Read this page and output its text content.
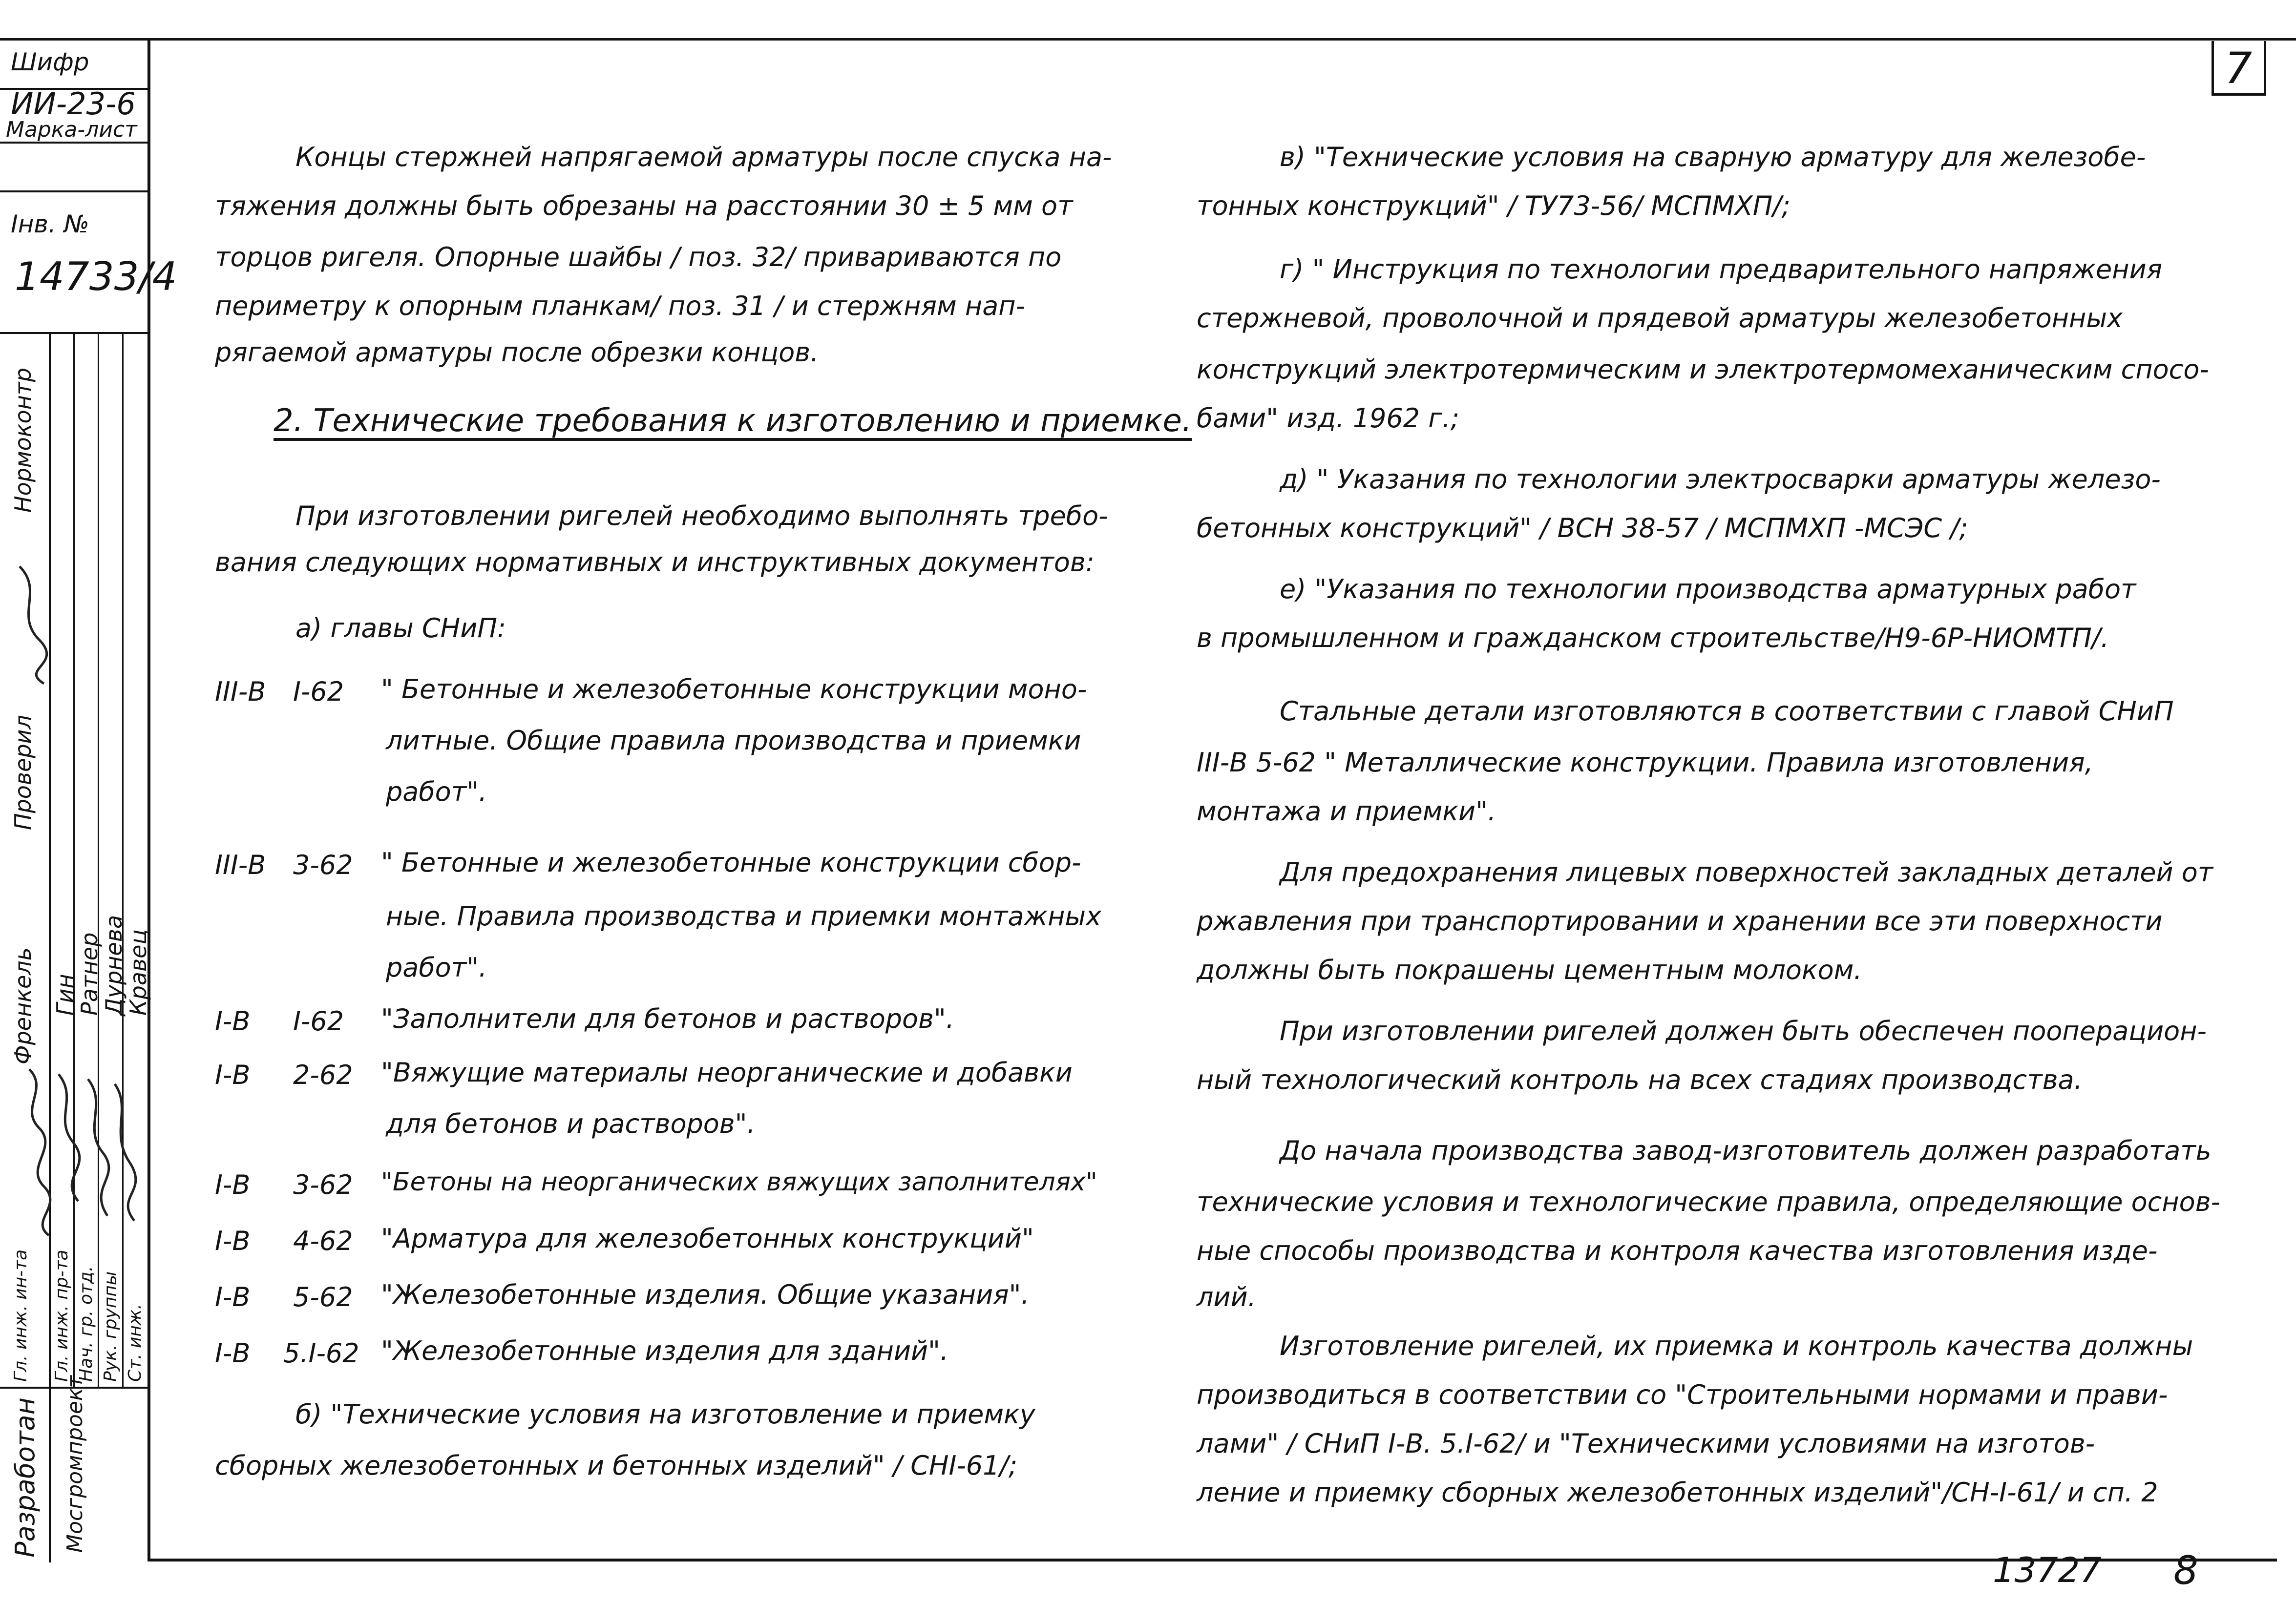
7
Шифр
ИИ-23-6
Марка-лист
Інв. №
14733/4
Нормоконтр
Проверил
Разработан Мосгромпроект
Гл. инж. ин-та
Френкель
Гл. инж. пр-та
Гин
Нач. гр. отд.
Ратнер
Рук. группы
Дурнева
Ст. инж.
Кравец
Концы стержней напрягаемой арматуры после спуска на-
тяжения должны быть обрезаны на расстоянии 30 ± 5 мм от
торцов ригеля. Опорные шайбы / поз. 32/ привариваются по
периметру к опорным планкам/ поз. 31 / и стержням нап-
рягаемой арматуры после обрезки концов.
2. Технические требования к изготовлению и приемке.
При изготовлении ригелей необходимо выполнять требо-
вания следующих нормативных и инструктивных документов:
а) главы СНиП:
III-В I-62 " Бетонные и железобетонные конструкции моно-
литные. Общие правила производства и приемки
работ".
III-В 3-62 " Бетонные и железобетонные конструкции сбор-
ные. Правила производства и приемки монтажных
работ".
I-В I-62 "Заполнители для бетонов и растворов".
I-В 2-62 "Вяжущие материалы неорганические и добавки
для бетонов и растворов".
I-В 3-62 "Бетоны на неорганических вяжущих заполнителях"
I-В 4-62 "Арматура для железобетонных конструкций"
I-В 5-62 "Железобетонные изделия. Общие указания".
I-В 5.I-62 "Железобетонные изделия для зданий".
б) "Технические условия на изготовление и приемку
сборных железобетонных и бетонных изделий" / СНI-61/;
в) "Технические условия на сварную арматуру для железобе-
тонных конструкций" / ТУ73-56/ МСПМХП/;
г) " Инструкция по технологии предварительного напряжения
стержневой, проволочной и прядевой арматуры железобетонных
конструкций электротермическим и электротермомеханическим спосо-
бами" изд. 1962 г.;
д) " Указания по технологии электросварки арматуры железо-
бетонных конструкций" / ВСН 38-57 / МСПМХП -МСЭС /;
е) "Указания по технологии производства арматурных работ
в промышленном и гражданском строительстве/Н9-6Р-НИОМТП/.
Стальные детали изготовляются в соответствии с главой СНиП
III-В 5-62 " Металлические конструкции. Правила изготовления,
монтажа и приемки".
Для предохранения лицевых поверхностей закладных деталей от
ржавления при транспортировании и хранении все эти поверхности
должны быть покрашены цементным молоком.
При изготовлении ригелей должен быть обеспечен пооперацион-
ный технологический контроль на всех стадиях производства.
До начала производства завод-изготовитель должен разработать
технические условия и технологические правила, определяющие основ-
ные способы производства и контроля качества изготовления изде-
лий.
Изготовление ригелей, их приемка и контроль качества должны
производиться в соответствии со "Строительными нормами и прави-
лами" / СНиП I-В. 5.I-62/ и "Техническими условиями на изготов-
ление и приемку сборных железобетонных изделий"/СН-I-61/ и сп. 2
13727 8
